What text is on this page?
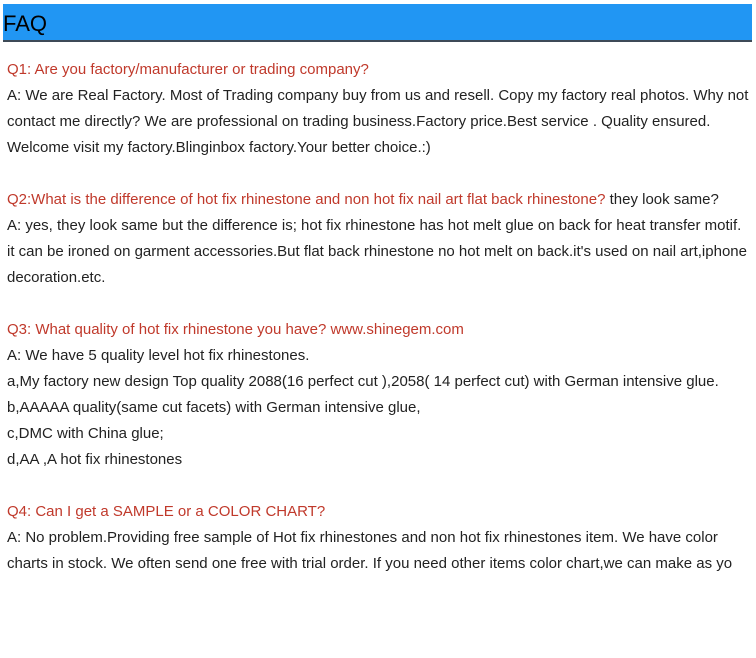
FAQ

Q1: Are you factory/manufacturer or trading company?

A: We are Real Factory. Most of Trading company buy from us and resell. Copy my factory real photos. Why not contact me directly? We are professional on trading business.Factory price.Best service . Quality ensured. Welcome visit my factory.Blinginbox factory.Your better choice.:)

Q2:What is the difference of hot fix rhinestone and non hot fix nail art flat back rhinestone? they look same?

A: yes, they look same but the difference is; hot fix rhinestone has hot melt glue on back for heat transfer motif. it can be ironed on garment accessories.But flat back rhinestone no hot melt on back.it's used on nail art,iphone decoration.etc.

Q3: What quality of hot fix rhinestone you have? www.shinegem.com

A: We have 5 quality level hot fix rhinestones.

a,My factory new design Top quality 2088(16 perfect cut ),2058( 14 perfect cut) with German intensive glue.

b,AAAAA quality(same cut facets) with German intensive glue,

c,DMC with China glue;

d,AA ,A hot fix rhinestones

Q4: Can I get a SAMPLE or a COLOR CHART?

A: No problem.Providing free sample of Hot fix rhinestones and non hot fix rhinestones item. We have color charts in stock. We often send one free with trial order. If you need other items color chart,we can make as yo
